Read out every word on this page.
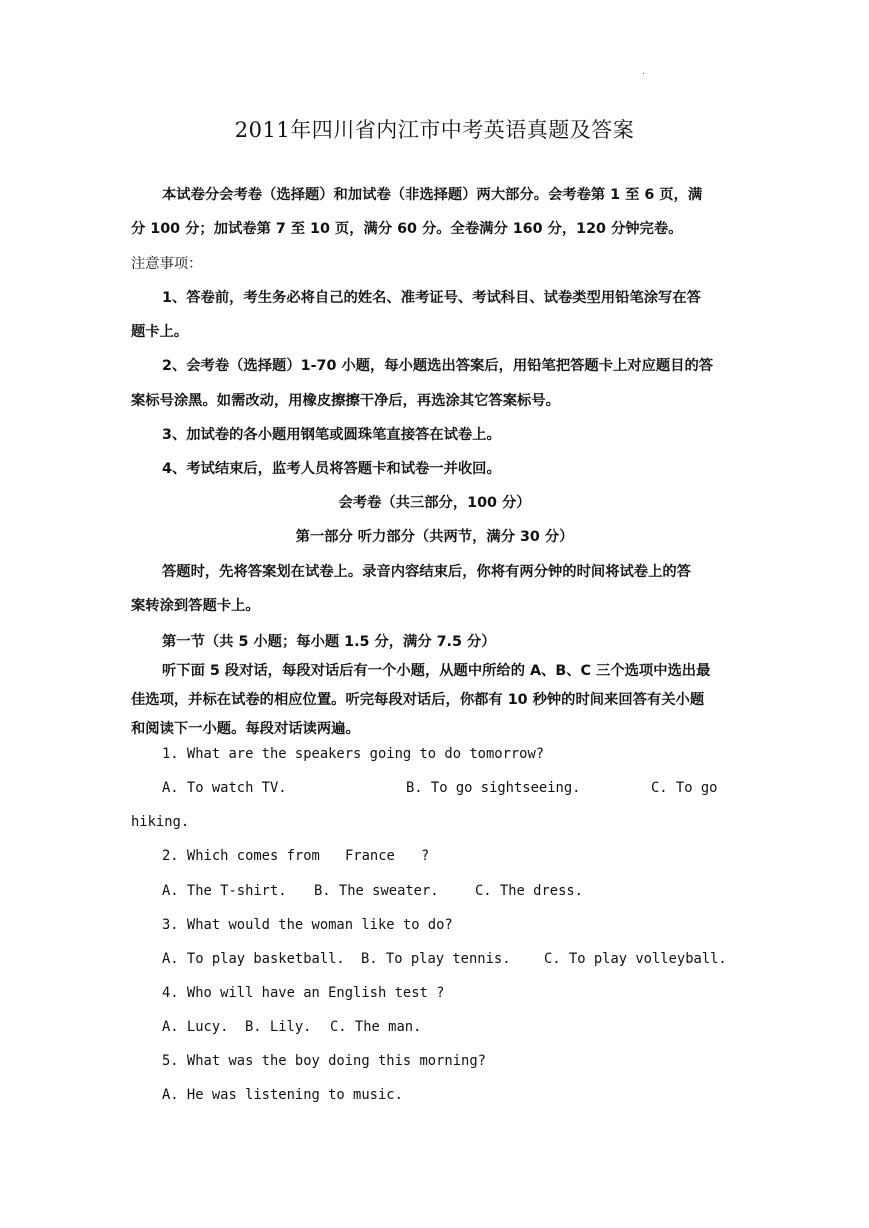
.
2011年四川省内江市中考英语真题及答案
本试卷分会考卷（选择题）和加试卷（非选择题）两大部分。会考卷第 1 至 6 页，满
分 100 分；加试卷第 7 至 10 页，满分 60 分。全卷满分 160 分，120 分钟完卷。
注意事项：
1、答卷前，考生务必将自己的姓名、准考证号、考试科目、试卷类型用铅笔涂写在答
题卡上。
2、会考卷（选择题）1-70 小题，每小题选出答案后，用铅笔把答题卡上对应题目的答
案标号涂黑。如需改动，用橡皮擦擦干净后，再选涂其它答案标号。
3、加试卷的各小题用钢笔或圆珠笔直接答在试卷上。
4、考试结束后，监考人员将答题卡和试卷一并收回。
会考卷（共三部分，100 分）
第一部分 听力部分（共两节，满分 30 分）
答题时，先将答案划在试卷上。录音内容结束后，你将有两分钟的时间将试卷上的答
案转涂到答题卡上。
第一节（共 5 小题；每小题 1.5 分，满分 7.5 分）
听下面 5 段对话，每段对话后有一个小题，从题中所给的 A、B、C 三个选项中选出最
佳选项，并标在试卷的相应位置。听完每段对话后，你都有 10 秒钟的时间来回答有关小题
和阅读下一小题。每段对话读两遍。
1. What are the speakers going to do tomorrow?
A. To watch TV.	B. To go sightseeing.	C. To go
hiking.
2. Which comes from France ?
A. The T-shirt. B. The sweater.	C. The dress.
3. What would the woman like to do?
A. To play basketball. B. To play tennis. C. To play volleyball.
4. Who will have an English test ?
A. Lucy. B. Lily. C. The man.
5. What was the boy doing this morning?
A. He was listening to music.
